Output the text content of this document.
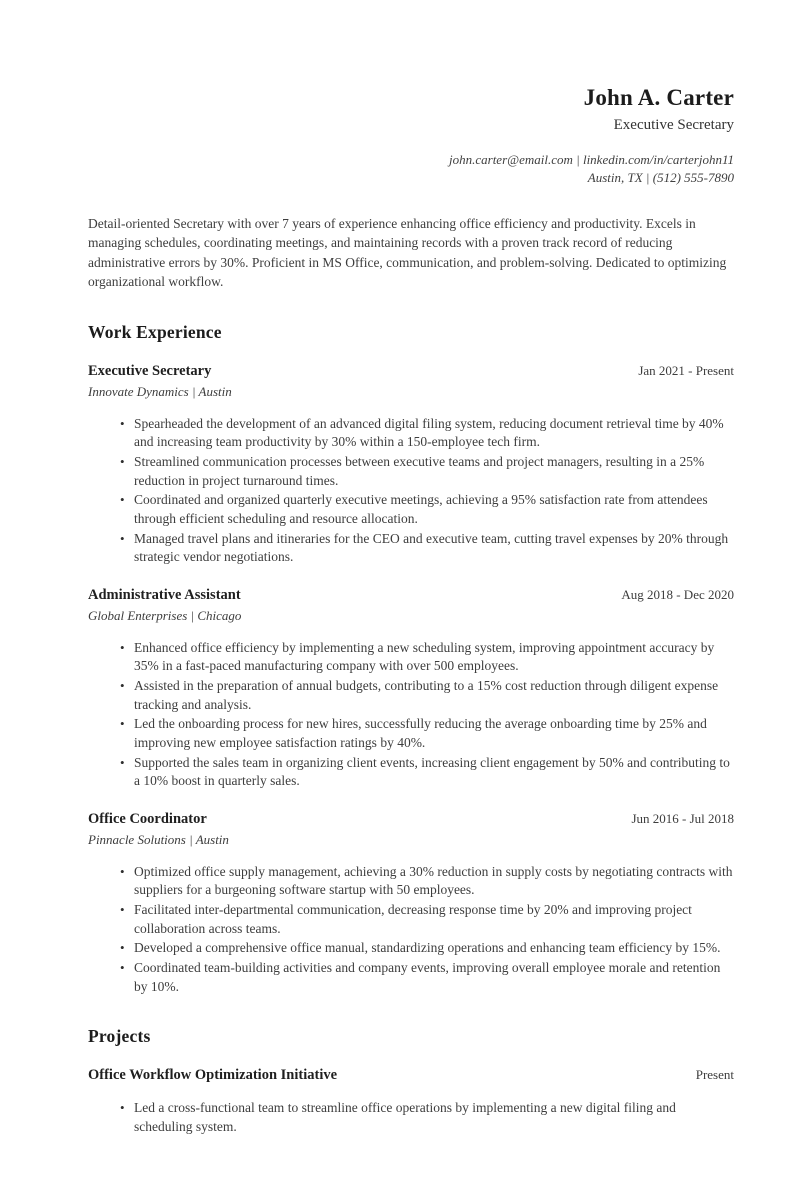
John A. Carter
Executive Secretary
john.carter@email.com | linkedin.com/in/carterjohn11
Austin, TX | (512) 555-7890

Detail-oriented Secretary with over 7 years of experience enhancing office efficiency and productivity. Excels in managing schedules, coordinating meetings, and maintaining records with a proven track record of reducing administrative errors by 30%. Proficient in MS Office, communication, and problem-solving. Dedicated to optimizing organizational workflow.

Work Experience
Executive Secretary	Jan 2021 - Present
Innovate Dynamics | Austin
• Spearheaded the development of an advanced digital filing system, reducing document retrieval time by 40% and increasing team productivity by 30% within a 150-employee tech firm.
• Streamlined communication processes between executive teams and project managers, resulting in a 25% reduction in project turnaround times.
• Coordinated and organized quarterly executive meetings, achieving a 95% satisfaction rate from attendees through efficient scheduling and resource allocation.
• Managed travel plans and itineraries for the CEO and executive team, cutting travel expenses by 20% through strategic vendor negotiations.
Administrative Assistant	Aug 2018 - Dec 2020
Global Enterprises | Chicago
• Enhanced office efficiency by implementing a new scheduling system, improving appointment accuracy by 35% in a fast-paced manufacturing company with over 500 employees.
• Assisted in the preparation of annual budgets, contributing to a 15% cost reduction through diligent expense tracking and analysis.
• Led the onboarding process for new hires, successfully reducing the average onboarding time by 25% and improving new employee satisfaction ratings by 40%.
• Supported the sales team in organizing client events, increasing client engagement by 50% and contributing to a 10% boost in quarterly sales.
Office Coordinator	Jun 2016 - Jul 2018
Pinnacle Solutions | Austin
• Optimized office supply management, achieving a 30% reduction in supply costs by negotiating contracts with suppliers for a burgeoning software startup with 50 employees.
• Facilitated inter-departmental communication, decreasing response time by 20% and improving project collaboration across teams.
• Developed a comprehensive office manual, standardizing operations and enhancing team efficiency by 15%.
• Coordinated team-building activities and company events, improving overall employee morale and retention by 10%.
Projects
Office Workflow Optimization Initiative	Present
• Led a cross-functional team to streamline office operations by implementing a new digital filing and scheduling system.
